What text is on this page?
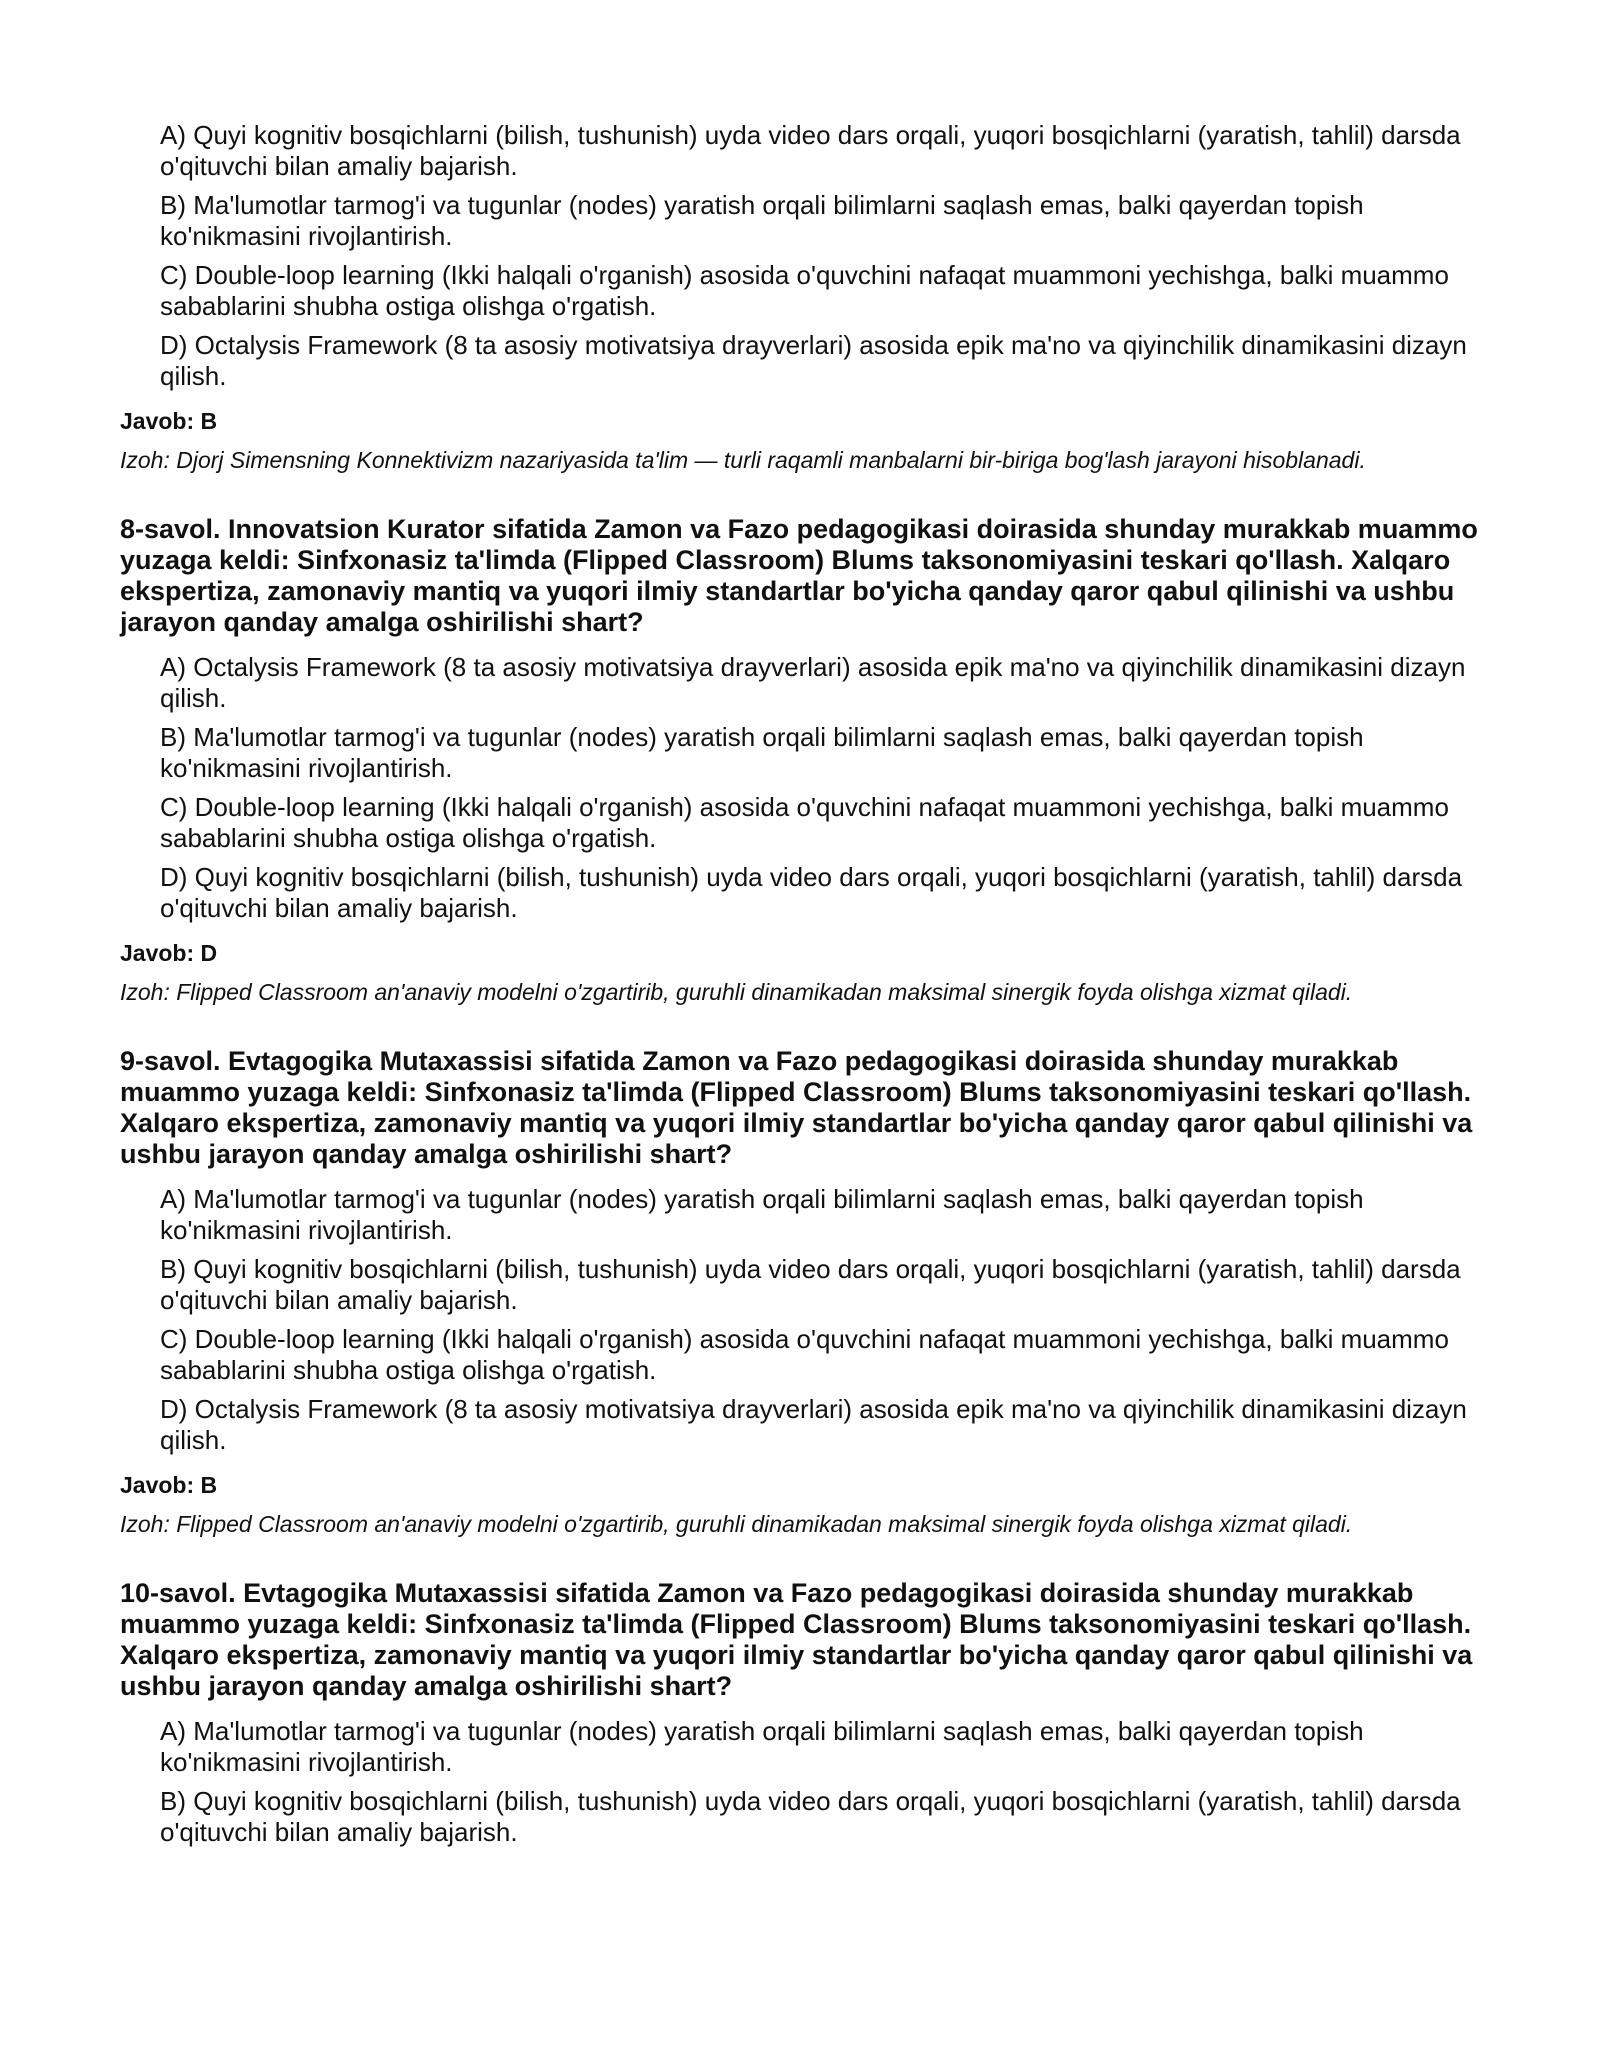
A) Quyi kognitiv bosqichlarni (bilish, tushunish) uyda video dars orqali, yuqori bosqichlarni (yaratish, tahlil) darsda o'qituvchi bilan amaliy bajarish.
B) Ma'lumotlar tarmog'i va tugunlar (nodes) yaratish orqali bilimlarni saqlash emas, balki qayerdan topish ko'nikmasini rivojlantirish.
C) Double-loop learning (Ikki halqali o'rganish) asosida o'quvchini nafaqat muammoni yechishga, balki muammo sabablarini shubha ostiga olishga o'rgatish.
D) Octalysis Framework (8 ta asosiy motivatsiya drayverlari) asosida epik ma'no va qiyinchilik dinamikasini dizayn qilish.
Javob: B
Izoh: Djorj Simensning Konnektivizm nazariyasida ta'lim — turli raqamli manbalarni bir-biriga bog'lash jarayoni hisoblanadi.
8-savol. Innovatsion Kurator sifatida Zamon va Fazo pedagogikasi doirasida shunday murakkab muammo yuzaga keldi: Sinfxonasiz ta'limda (Flipped Classroom) Blums taksonomiyasini teskari qo'llash. Xalqaro ekspertiza, zamonaviy mantiq va yuqori ilmiy standartlar bo'yicha qanday qaror qabul qilinishi va ushbu jarayon qanday amalga oshirilishi shart?
A) Octalysis Framework (8 ta asosiy motivatsiya drayverlari) asosida epik ma'no va qiyinchilik dinamikasini dizayn qilish.
B) Ma'lumotlar tarmog'i va tugunlar (nodes) yaratish orqali bilimlarni saqlash emas, balki qayerdan topish ko'nikmasini rivojlantirish.
C) Double-loop learning (Ikki halqali o'rganish) asosida o'quvchini nafaqat muammoni yechishga, balki muammo sabablarini shubha ostiga olishga o'rgatish.
D) Quyi kognitiv bosqichlarni (bilish, tushunish) uyda video dars orqali, yuqori bosqichlarni (yaratish, tahlil) darsda o'qituvchi bilan amaliy bajarish.
Javob: D
Izoh: Flipped Classroom an'anaviy modelni o'zgartirib, guruhli dinamikadan maksimal sinergik foyda olishga xizmat qiladi.
9-savol. Evtagogika Mutaxassisi sifatida Zamon va Fazo pedagogikasi doirasida shunday murakkab muammo yuzaga keldi: Sinfxonasiz ta'limda (Flipped Classroom) Blums taksonomiyasini teskari qo'llash. Xalqaro ekspertiza, zamonaviy mantiq va yuqori ilmiy standartlar bo'yicha qanday qaror qabul qilinishi va ushbu jarayon qanday amalga oshirilishi shart?
A) Ma'lumotlar tarmog'i va tugunlar (nodes) yaratish orqali bilimlarni saqlash emas, balki qayerdan topish ko'nikmasini rivojlantirish.
B) Quyi kognitiv bosqichlarni (bilish, tushunish) uyda video dars orqali, yuqori bosqichlarni (yaratish, tahlil) darsda o'qituvchi bilan amaliy bajarish.
C) Double-loop learning (Ikki halqali o'rganish) asosida o'quvchini nafaqat muammoni yechishga, balki muammo sabablarini shubha ostiga olishga o'rgatish.
D) Octalysis Framework (8 ta asosiy motivatsiya drayverlari) asosida epik ma'no va qiyinchilik dinamikasini dizayn qilish.
Javob: B
Izoh: Flipped Classroom an'anaviy modelni o'zgartirib, guruhli dinamikadan maksimal sinergik foyda olishga xizmat qiladi.
10-savol. Evtagogika Mutaxassisi sifatida Zamon va Fazo pedagogikasi doirasida shunday murakkab muammo yuzaga keldi: Sinfxonasiz ta'limda (Flipped Classroom) Blums taksonomiyasini teskari qo'llash. Xalqaro ekspertiza, zamonaviy mantiq va yuqori ilmiy standartlar bo'yicha qanday qaror qabul qilinishi va ushbu jarayon qanday amalga oshirilishi shart?
A) Ma'lumotlar tarmog'i va tugunlar (nodes) yaratish orqali bilimlarni saqlash emas, balki qayerdan topish ko'nikmasini rivojlantirish.
B) Quyi kognitiv bosqichlarni (bilish, tushunish) uyda video dars orqali, yuqori bosqichlarni (yaratish, tahlil) darsda o'qituvchi bilan amaliy bajarish.
